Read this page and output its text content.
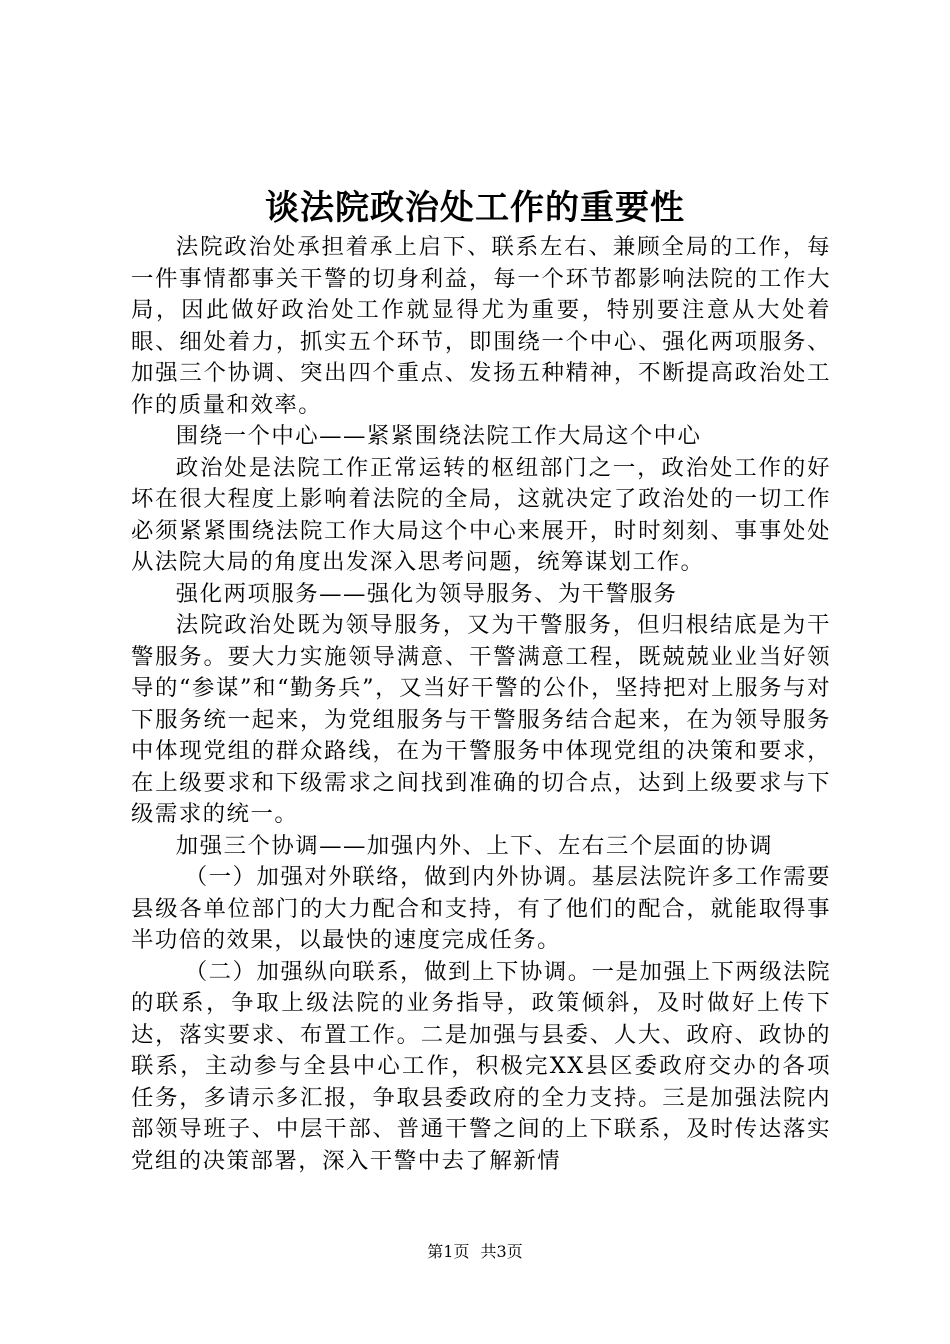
谈法院政治处工作的重要性

法院政治处承担着承上启下、联系左右、兼顾全局的工作，每一件事情都事关干警的切身利益，每一个环节都影响法院的工作大局，因此做好政治处工作就显得尤为重要，特别要注意从大处着眼、细处着力，抓实五个环节，即围绕一个中心、强化两项服务、加强三个协调、突出四个重点、发扬五种精神，不断提高政治处工作的质量和效率。

围绕一个中心——紧紧围绕法院工作大局这个中心

政治处是法院工作正常运转的枢纽部门之一，政治处工作的好坏在很大程度上影响着法院的全局，这就决定了政治处的一切工作必须紧紧围绕法院工作大局这个中心来展开，时时刻刻、事事处处从法院大局的角度出发深入思考问题，统筹谋划工作。

强化两项服务——强化为领导服务、为干警服务

法院政治处既为领导服务，又为干警服务，但归根结底是为干警服务。要大力实施领导满意、干警满意工程，既兢兢业业当好领导的“参谋”和“勤务兵”，又当好干警的公仆，坚持把对上服务与对下服务统一起来，为党组服务与干警服务结合起来，在为领导服务中体现党组的群众路线，在为干警服务中体现党组的决策和要求，在上级要求和下级需求之间找到准确的切合点，达到上级要求与下级需求的统一。

加强三个协调——加强内外、上下、左右三个层面的协调

（一）加强对外联络，做到内外协调。基层法院许多工作需要县级各单位部门的大力配合和支持，有了他们的配合，就能取得事半功倍的效果，以最快的速度完成任务。

（二）加强纵向联系，做到上下协调。一是加强上下两级法院的联系，争取上级法院的业务指导，政策倾斜，及时做好上传下达，落实要求、布置工作。二是加强与县委、人大、政府、政协的联系，主动参与全县中心工作，积极完XX县区委政府交办的各项任务，多请示多汇报，争取县委政府的全力支持。三是加强法院内部领导班子、中层干部、普通干警之间的上下联系，及时传达落实党组的决策部署，深入干警中去了解新情

第1页 共3页
